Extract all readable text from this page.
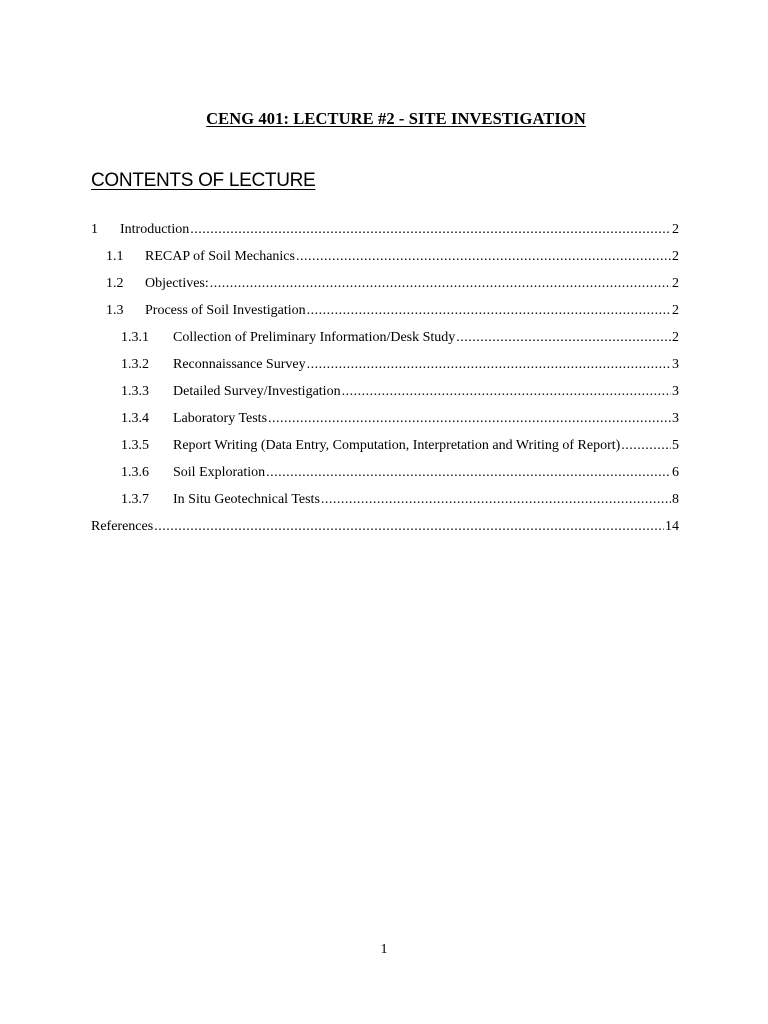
CENG 401: LECTURE #2 - SITE INVESTIGATION
CONTENTS OF LECTURE
1	Introduction .....	2
1.1	RECAP of Soil Mechanics .....	2
1.2	Objectives: .....	2
1.3	Process of Soil Investigation .....	2
1.3.1	Collection of Preliminary Information/Desk Study .....	2
1.3.2	Reconnaissance Survey .....	3
1.3.3	Detailed Survey/Investigation .....	3
1.3.4	Laboratory Tests .....	3
1.3.5	Report Writing (Data Entry, Computation, Interpretation and Writing of Report) .....	5
1.3.6	Soil Exploration .....	6
1.3.7	In Situ Geotechnical Tests .....	8
References .....	14
1
